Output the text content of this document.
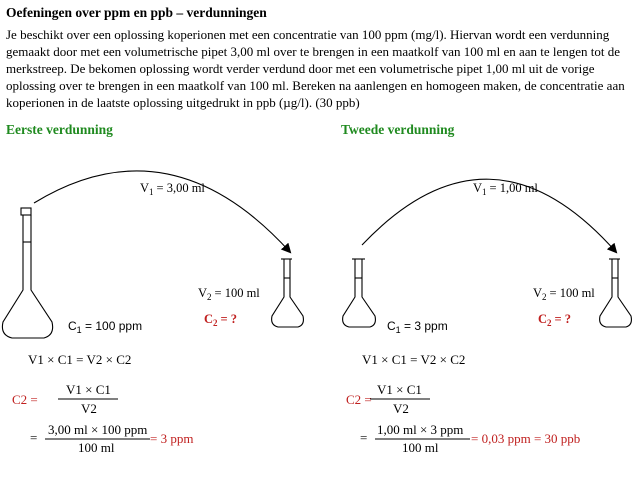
Oefeningen over ppm en ppb – verdunningen
Je beschikt over een oplossing koperionen met een concentratie van 100 ppm (mg/l). Hiervan wordt een verdunning gemaakt door met een volumetrische pipet 3,00 ml over te brengen in een maatkolf van 100 ml en aan te lengen tot de merkstreep. De bekomen oplossing wordt verder verdund door met een volumetrische pipet 1,00 ml uit de vorige oplossing over te brengen in een maatkolf van 100 ml. Bereken na aanlengen en homogeen maken, de concentratie aan koperionen in de laatste oplossing uitgedrukt in ppb (µg/l). (30 ppb)
Eerste verdunning	Tweede verdunning
$V_1 = 3,00$ ml
$V_2 = 100$ ml
$C_1 = 100$ ppm	$C_2$ = ?
V1 × C1 = V2 × C2
C2 =
V1 × C1
V2
=
3,00 ml × 100 ppm
100 ml
= 3 ppm
$V_1 = 1,00$ ml
$V_2 = 100$ ml
$C_1 = 3$ ppm	$C_2$ = ?
V1 × C1 = V2 × C2
C2 =
V1 × C1
V2
=
1,00 ml × 3 ppm
100 ml
= 0,03 ppm = 30 ppb
